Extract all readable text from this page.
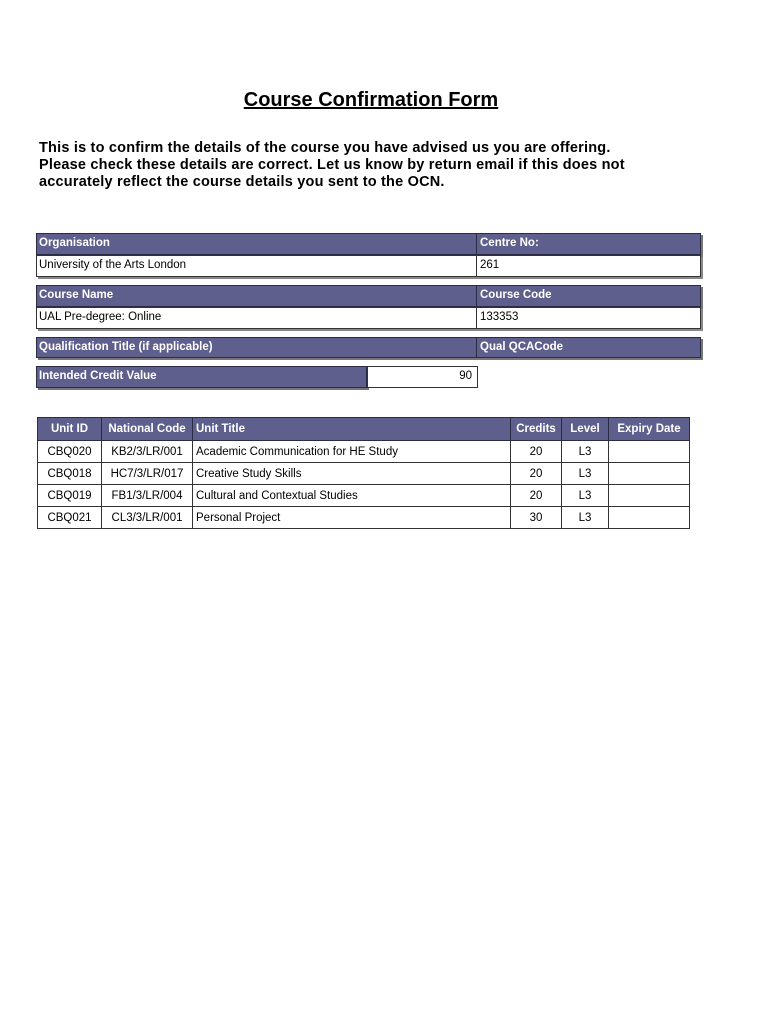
Course Confirmation Form
This is to confirm the details of the course you have advised us you are offering.
Please check these details are correct. Let us know by return email if this does not
accurately reflect the course details you sent to the OCN.
Organisation	Centre No:
University of the Arts London	261
Course Name	Course Code
UAL Pre-degree: Online	133353
Qualification Title (if applicable)	Qual QCACode
Intended Credit Value	90
Unit ID	National Code	Unit Title	Credits	Level	Expiry Date
CBQ020	KB2/3/LR/001	Academic Communication for HE Study	20	L3	
CBQ018	HC7/3/LR/017	Creative Study Skills	20	L3	
CBQ019	FB1/3/LR/004	Cultural and Contextual Studies	20	L3	
CBQ021	CL3/3/LR/001	Personal Project	30	L3	
